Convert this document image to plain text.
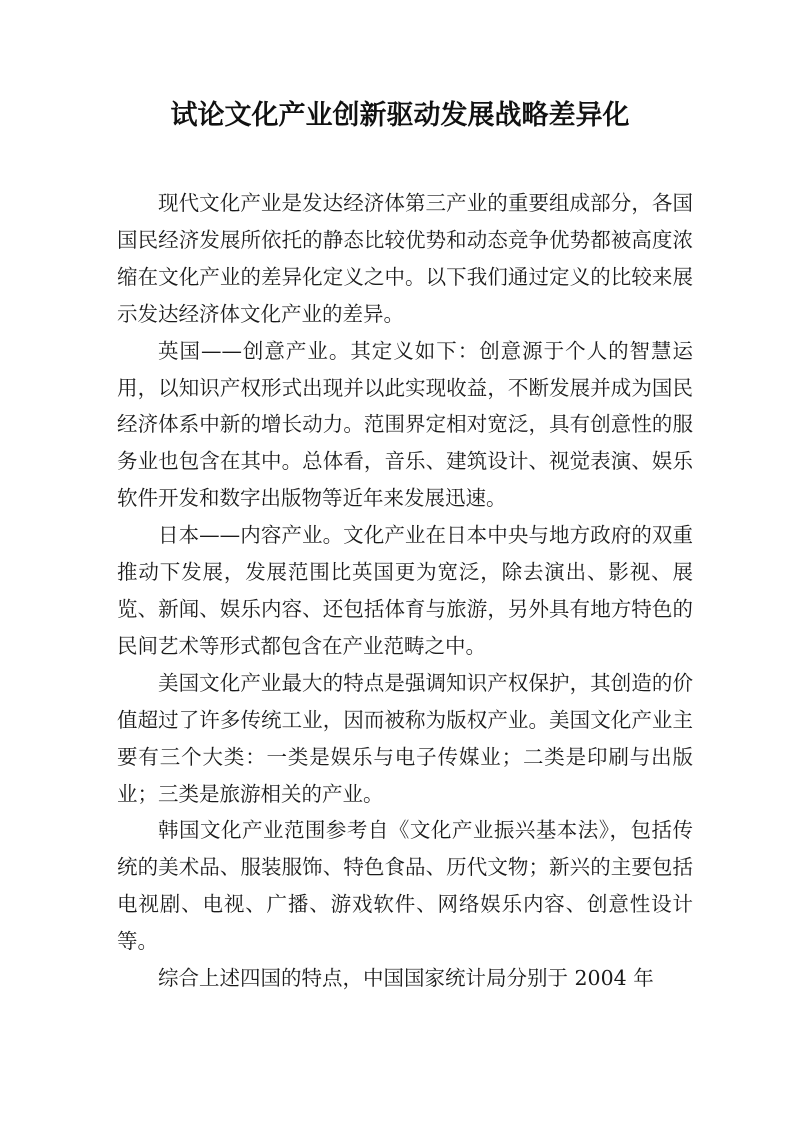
试论文化产业创新驱动发展战略差异化

现代文化产业是发达经济体第三产业的重要组成部分，各国国民经济发展所依托的静态比较优势和动态竞争优势都被高度浓缩在文化产业的差异化定义之中。以下我们通过定义的比较来展示发达经济体文化产业的差异。

英国——创意产业。其定义如下：创意源于个人的智慧运用，以知识产权形式出现并以此实现收益，不断发展并成为国民经济体系中新的增长动力。范围界定相对宽泛，具有创意性的服务业也包含在其中。总体看，音乐、建筑设计、视觉表演、娱乐软件开发和数字出版物等近年来发展迅速。

日本——内容产业。文化产业在日本中央与地方政府的双重推动下发展，发展范围比英国更为宽泛，除去演出、影视、展览、新闻、娱乐内容、还包括体育与旅游，另外具有地方特色的民间艺术等形式都包含在产业范畴之中。

美国文化产业最大的特点是强调知识产权保护，其创造的价值超过了许多传统工业，因而被称为版权产业。美国文化产业主要有三个大类：一类是娱乐与电子传媒业；二类是印刷与出版业；三类是旅游相关的产业。

韩国文化产业范围参考自《文化产业振兴基本法》，包括传统的美术品、服装服饰、特色食品、历代文物；新兴的主要包括电视剧、电视、广播、游戏软件、网络娱乐内容、创意性设计等。

综合上述四国的特点，中国国家统计局分别于 2004 年
